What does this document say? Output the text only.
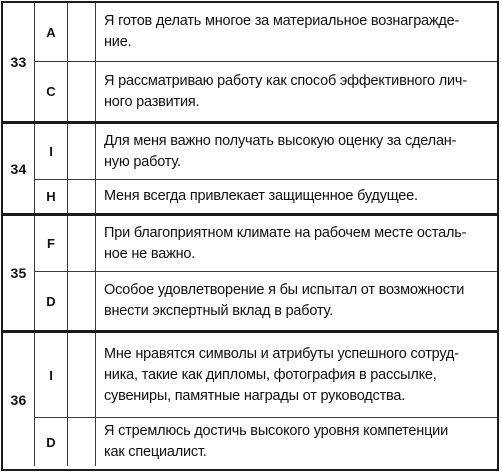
33
A
Я готов делать многое за материальное вознагражде-
ние.
C
Я рассматриваю работу как способ эффективного лич-
ного развития.
34
I
Для меня важно получать высокую оценку за сделан-
ную работу.
H	Меня всегда привлекает защищенное будущее.
35
F
При благоприятном климате на рабочем месте осталь-
ное не важно.
D
Особое удовлетворение я бы испытал от возможности
внести экспертный вклад в работу.
36
I
Мне нравятся символы и атрибуты успешного сотруд-
ника, такие как дипломы, фотография в рассылке,
сувениры, памятные награды от руководства.
D
Я стремлюсь достичь высокого уровня компетенции
как специалист.
